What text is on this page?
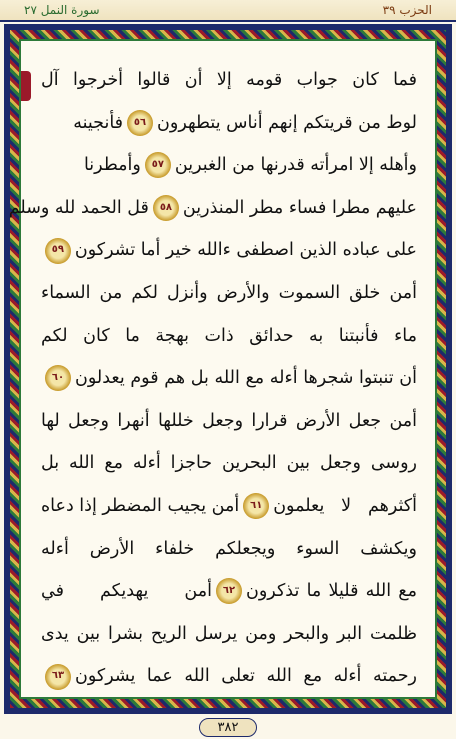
الحزب ٣٩
سورة النمل ٢٧
فما كان جواب قومه إلا أن قالوا أخرجوا آل
لوط من قريتكم إنهم أناس يتطهرون
٥٦
فأنجينه
وأهله إلا امرأته قدرنها من الغبرين
٥٧
وأمطرنا
عليهم مطرا فساء مطر المنذرين
٥٨
قل الحمد لله وسلم
على عباده الذين اصطفى ءالله خير أما تشركون
٥٩
أمن خلق السموت والأرض وأنزل لكم من السماء
ماء فأنبتنا به حدائق ذات بهجة ما كان لكم
أن تنبتوا شجرها أءله مع الله بل هم قوم يعدلون
٦٠
أمن جعل الأرض قرارا وجعل خللها أنهرا وجعل لها
روسى وجعل بين البحرين حاجزا أءله مع الله بل
أكثرهم لا يعلمون
٦١
أمن يجيب المضطر إذا دعاه
ويكشف السوء ويجعلكم خلفاء الأرض أءله
مع الله قليلا ما تذكرون
٦٢
أمن يهديكم في
ظلمت البر والبحر ومن يرسل الريح بشرا بين يدى
رحمته أءله مع الله تعلى الله عما يشركون
٦٣
٣٨٢
